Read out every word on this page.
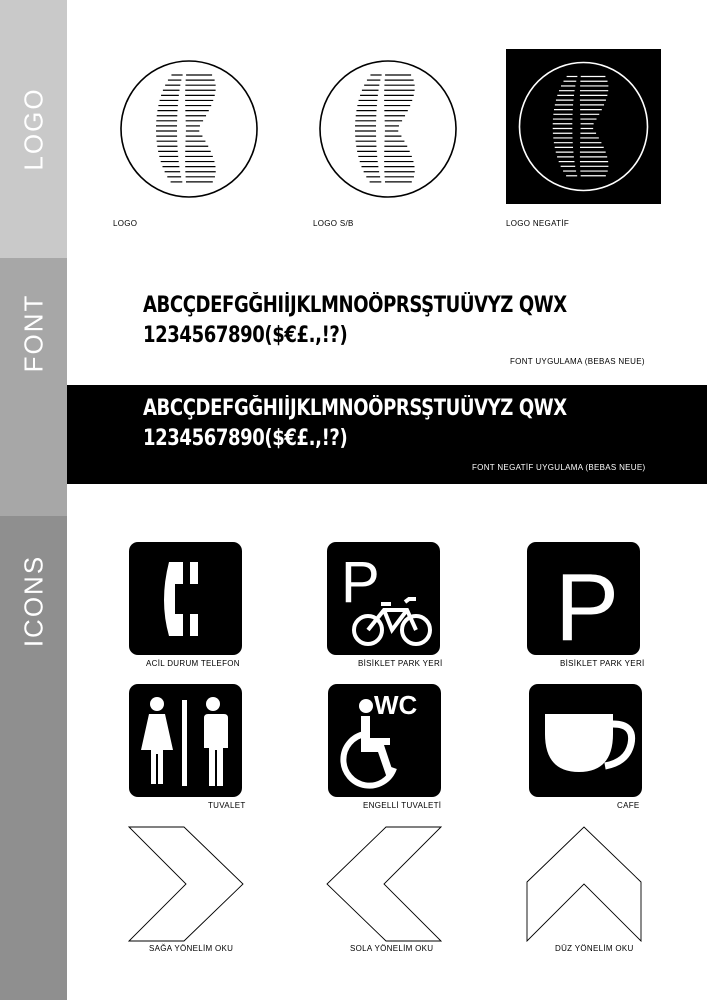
LOGO
FONT
ICONS
LOGO	LOGO S/B	LOGO NEGATİF
ABCÇDEFGĞHIİJKLMNOÖPRSŞTUÜVYZ QWX
1234567890($€£.,!?)
FONT UYGULAMA (BEBAS NEUE)
ABCÇDEFGĞHIİJKLMNOÖPRSŞTUÜVYZ QWX
1234567890($€£.,!?)
FONT NEGATİF UYGULAMA (BEBAS NEUE)
P P
ACİL DURUM TELEFON	BİSİKLET PARK YERİ	BİSİKLET PARK YERİ
WC
TUVALET	ENGELLİ TUVALETİ	CAFE
SAĞA YÖNELİM OKU	SOLA YÖNELİM OKU	DÜZ YÖNELİM OKU
